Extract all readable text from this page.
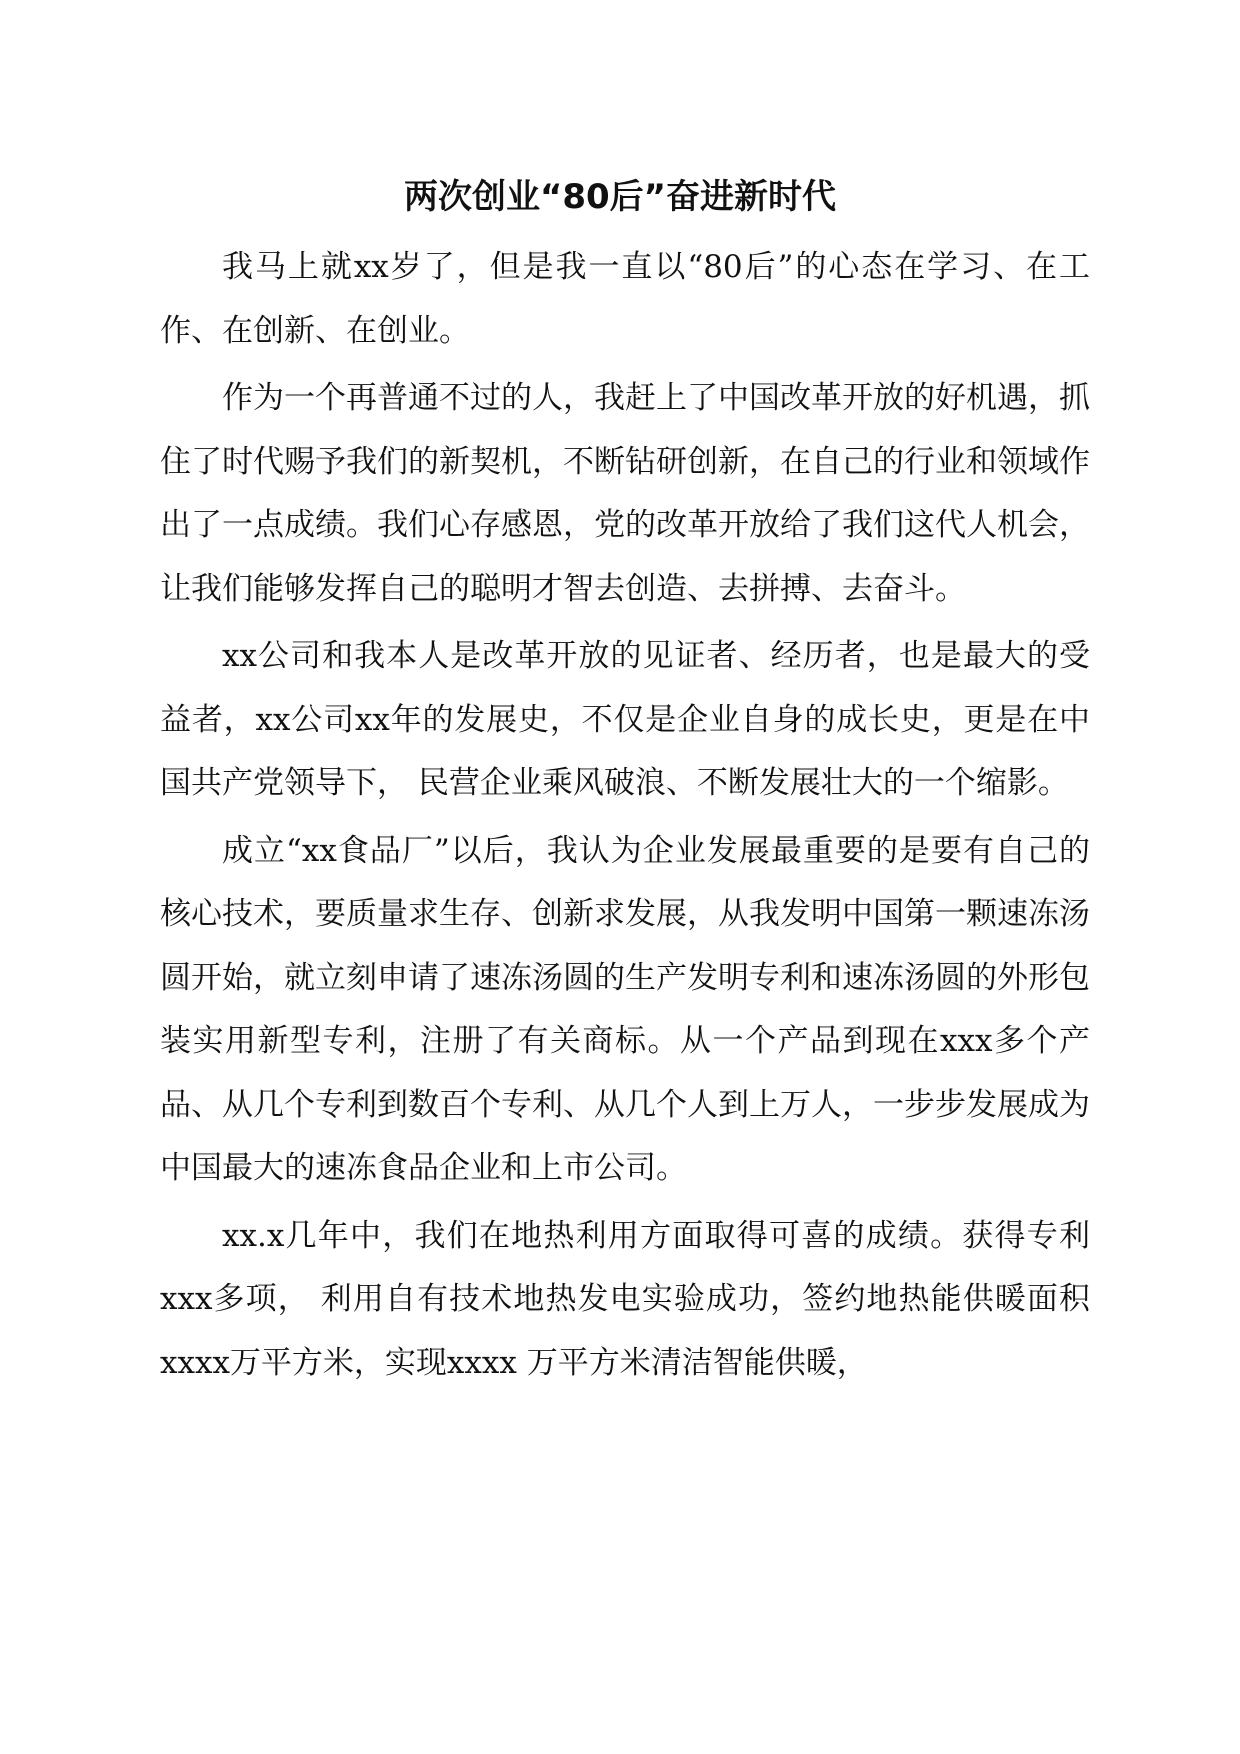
两次创业“80后”奋进新时代

我马上就xx岁了，但是我一直以“80后”的心态在学习、在工作、在创新、在创业。

作为一个再普通不过的人，我赶上了中国改革开放的好机遇，抓住了时代赐予我们的新契机，不断钻研创新，在自己的行业和领域作出了一点成绩。我们心存感恩，党的改革开放给了我们这代人机会，让我们能够发挥自己的聪明才智去创造、去拼搏、去奋斗。

xx公司和我本人是改革开放的见证者、经历者，也是最大的受益者，xx公司xx年的发展史，不仅是企业自身的成长史，更是在中国共产党领导下， 民营企业乘风破浪、不断发展壮大的一个缩影。

成立“xx食品厂”以后，我认为企业发展最重要的是要有自己的核心技术，要质量求生存、创新求发展，从我发明中国第一颗速冻汤圆开始，就立刻申请了速冻汤圆的生产发明专利和速冻汤圆的外形包装实用新型专利，注册了有关商标。从一个产品到现在xxx多个产品、从几个专利到数百个专利、从几个人到上万人，一步步发展成为中国最大的速冻食品企业和上市公司。

xx.x几年中，我们在地热利用方面取得可喜的成绩。获得专利xxx多项， 利用自有技术地热发电实验成功，签约地热能供暖面积xxxx万平方米，实现xxxx 万平方米清洁智能供暖，
